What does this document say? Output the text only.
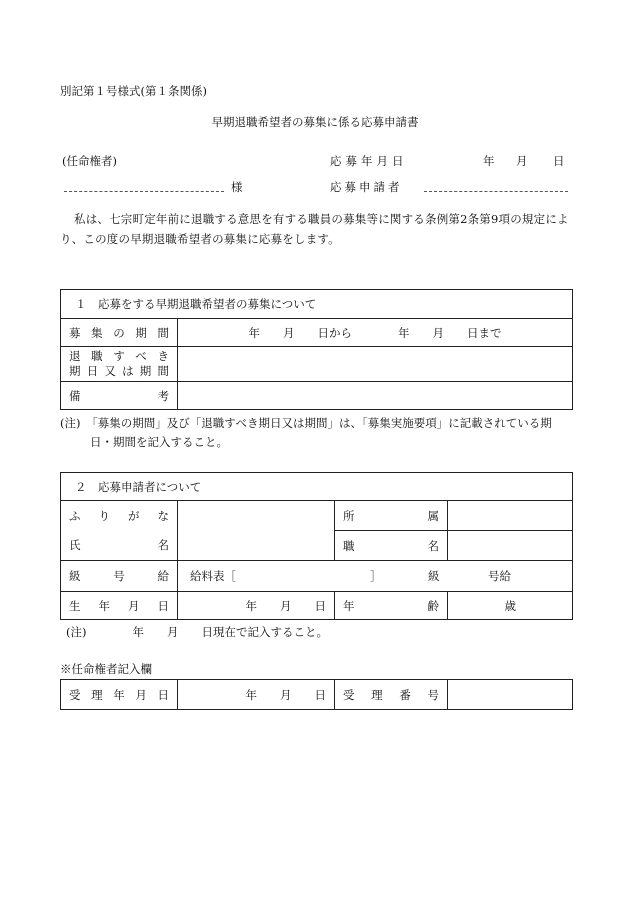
別記第１号様式(第１条関係)
早期退職希望者の募集に係る応募申請書
(任命権者)	応募年月日	年 月 日
様	応募申請者
私は、七宗町定年前に退職する意思を有する職員の募集等に関する条例第2条第9項の規定により、この度の早期退職希望者の募集に応募をします。
１　応募をする早期退職希望者の募集について	

募集の期間	年　　月　　日から　　　　年　　月　　日まで

退職すべき
期日又は期間	

備考	

(注)　「募集の期間」及び「退職すべき期日又は期間」は、「募集実施要項」に記載されている期
日・期間を記入すること。
２　応募申請者について			

ふりがな		所属	

氏名		職名	

級号給	給料表［ ］ 級 号給		

生年月日	年　　月　　日	年齢	歳
(注)　　　　年　　月　　日現在で記入すること。
※任命権者記入欄
受理年月日	年　　月　　日	受理番号
